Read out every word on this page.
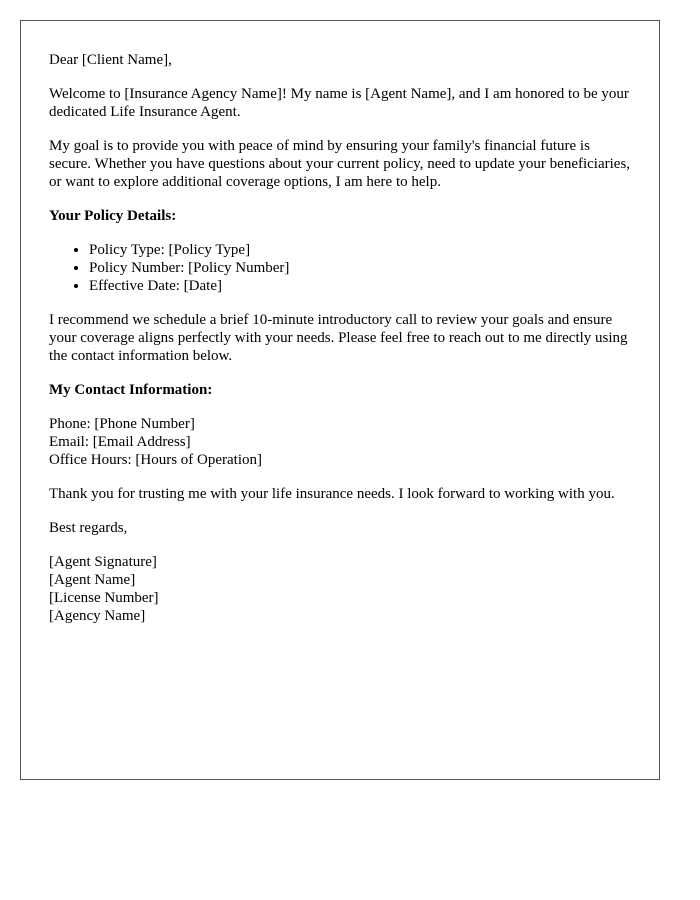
Dear [Client Name],

Welcome to [Insurance Agency Name]! My name is [Agent Name], and I am honored to be your dedicated Life Insurance Agent.

My goal is to provide you with peace of mind by ensuring your family's financial future is secure. Whether you have questions about your current policy, need to update your beneficiaries, or want to explore additional coverage options, I am here to help.

Your Policy Details:
• Policy Type: [Policy Type]
• Policy Number: [Policy Number]
• Effective Date: [Date]

I recommend we schedule a brief 10-minute introductory call to review your goals and ensure your coverage aligns perfectly with your needs. Please feel free to reach out to me directly using the contact information below.

My Contact Information:
Phone: [Phone Number]
Email: [Email Address]
Office Hours: [Hours of Operation]

Thank you for trusting me with your life insurance needs. I look forward to working with you.

Best regards,

[Agent Signature]
[Agent Name]
[License Number]
[Agency Name]
